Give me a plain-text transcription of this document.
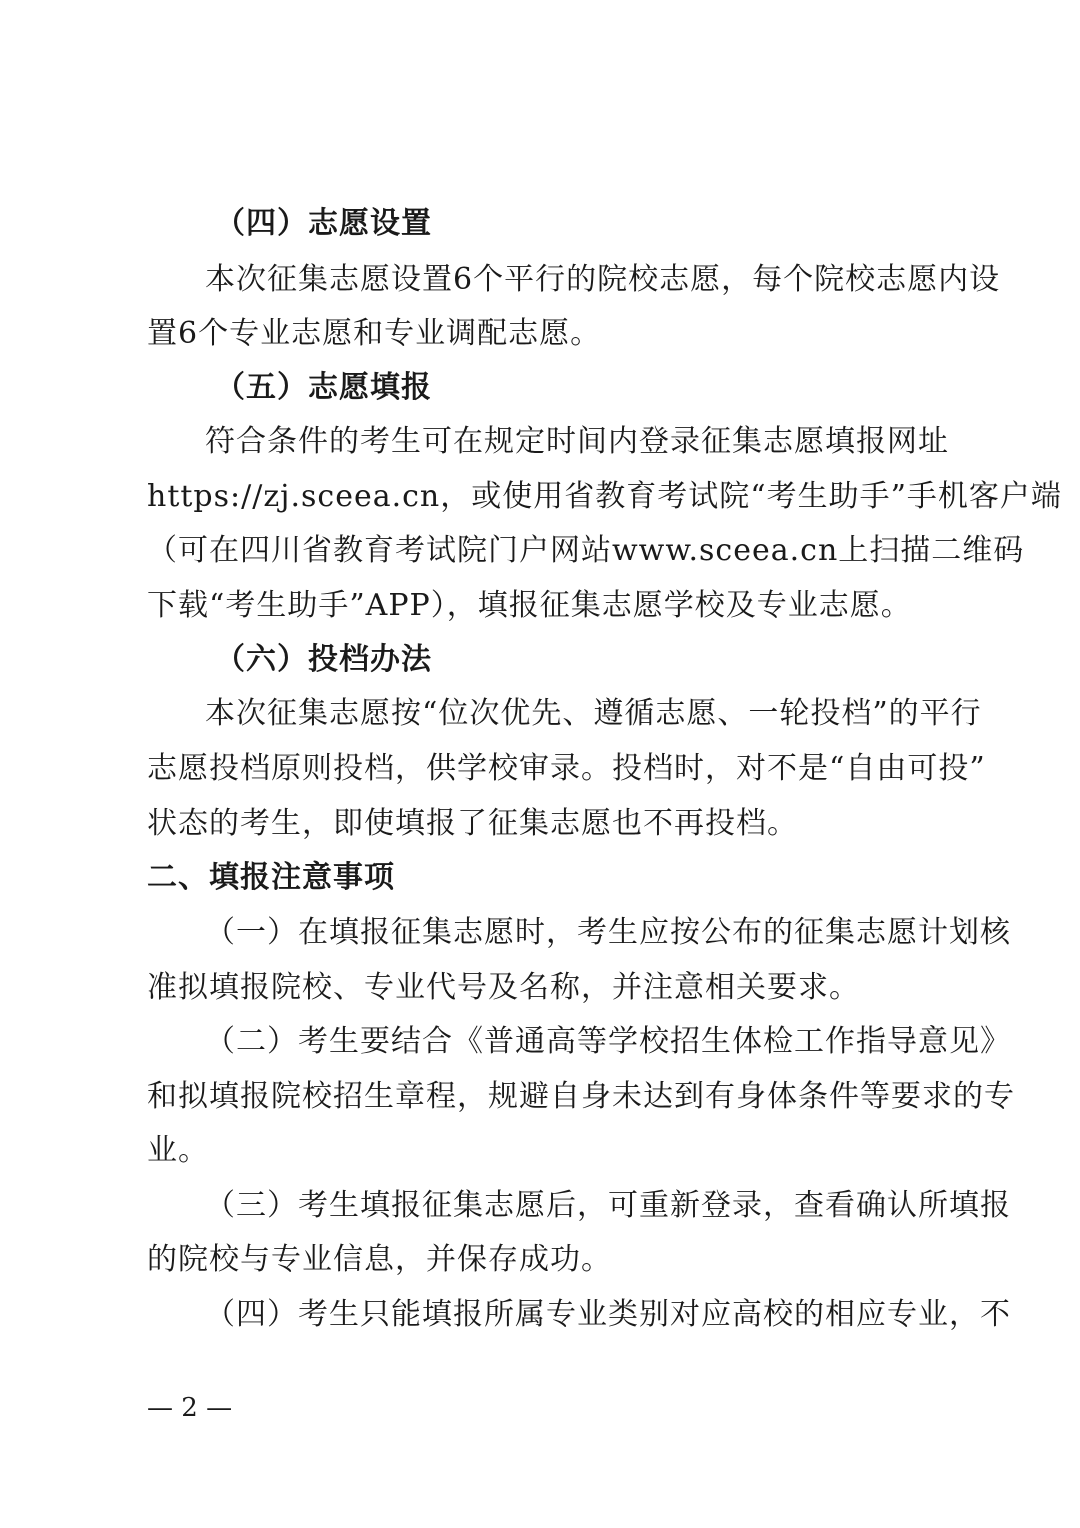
（四）志愿设置
本次征集志愿设置6个平行的院校志愿，每个院校志愿内设
置6个专业志愿和专业调配志愿。
（五）志愿填报
符合条件的考生可在规定时间内登录征集志愿填报网址
https://zj.sceea.cn，或使用省教育考试院“考生助手”手机客户端
（可在四川省教育考试院门户网站www.sceea.cn上扫描二维码
下载“考生助手”APP），填报征集志愿学校及专业志愿。
（六）投档办法
本次征集志愿按“位次优先、遵循志愿、一轮投档”的平行
志愿投档原则投档，供学校审录。投档时，对不是“自由可投”
状态的考生，即使填报了征集志愿也不再投档。
二、填报注意事项
（一）在填报征集志愿时，考生应按公布的征集志愿计划核
准拟填报院校、专业代号及名称，并注意相关要求。
（二）考生要结合《普通高等学校招生体检工作指导意见》
和拟填报院校招生章程，规避自身未达到有身体条件等要求的专
业。
（三）考生填报征集志愿后，可重新登录，查看确认所填报
的院校与专业信息，并保存成功。
（四）考生只能填报所属专业类别对应高校的相应专业，不
— 2 —
